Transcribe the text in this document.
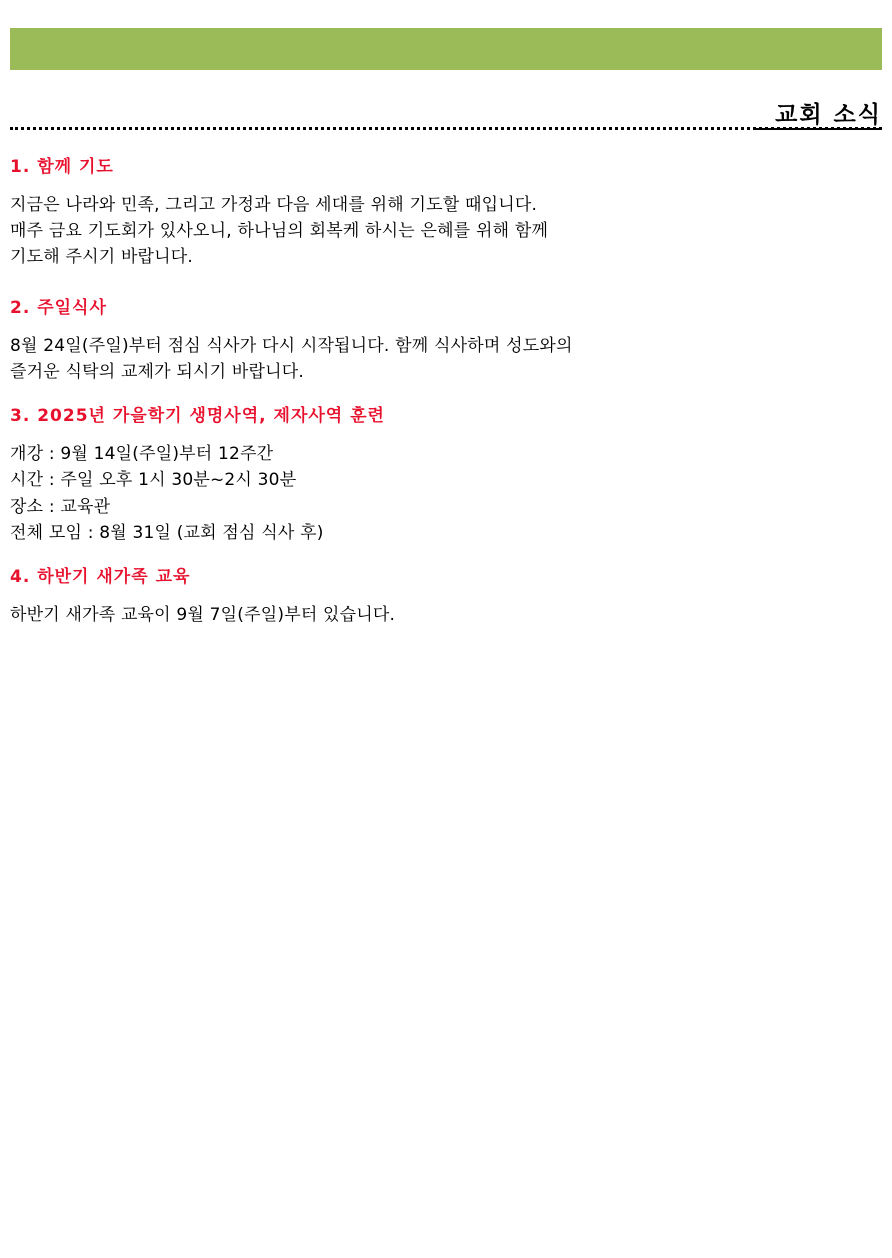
교회 소식

1. 함께 기도

지금은 나라와 민족, 그리고 가정과 다음 세대를 위해 기도할 때입니다.
매주 금요 기도회가 있사오니, 하나님의 회복케 하시는 은혜를 위해 함께
기도해 주시기 바랍니다.

2. 주일식사

8월 24일(주일)부터 점심 식사가 다시 시작됩니다. 함께 식사하며 성도와의
즐거운 식탁의 교제가 되시기 바랍니다.

3. 2025년 가을학기 생명사역, 제자사역 훈련

개강 : 9월 14일(주일)부터 12주간
시간 : 주일 오후 1시 30분~2시 30분
장소 : 교육관
전체 모임 : 8월 31일 (교회 점심 식사 후)

4. 하반기 새가족 교육

하반기 새가족 교육이 9월 7일(주일)부터 있습니다.
